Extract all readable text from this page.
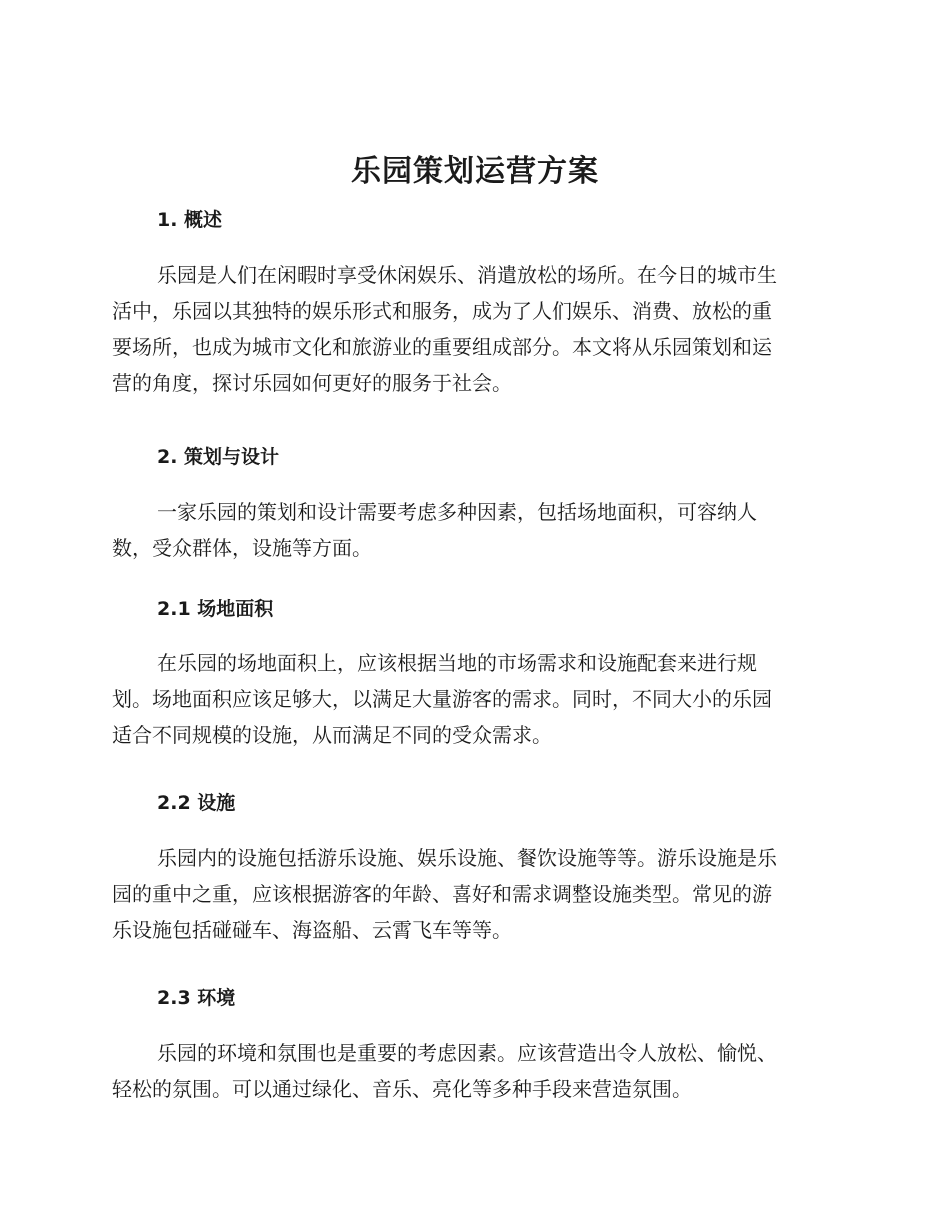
乐园策划运营方案
1. 概述
乐园是人们在闲暇时享受休闲娱乐、消遣放松的场所。在今日的城市生
活中，乐园以其独特的娱乐形式和服务，成为了人们娱乐、消费、放松的重
要场所，也成为城市文化和旅游业的重要组成部分。本文将从乐园策划和运
营的角度，探讨乐园如何更好的服务于社会。
2. 策划与设计
一家乐园的策划和设计需要考虑多种因素，包括场地面积，可容纳人
数，受众群体，设施等方面。
2.1 场地面积
在乐园的场地面积上，应该根据当地的市场需求和设施配套来进行规
划。场地面积应该足够大，以满足大量游客的需求。同时，不同大小的乐园
适合不同规模的设施，从而满足不同的受众需求。
2.2 设施
乐园内的设施包括游乐设施、娱乐设施、餐饮设施等等。游乐设施是乐
园的重中之重，应该根据游客的年龄、喜好和需求调整设施类型。常见的游
乐设施包括碰碰车、海盗船、云霄飞车等等。
2.3 环境
乐园的环境和氛围也是重要的考虑因素。应该营造出令人放松、愉悦、
轻松的氛围。可以通过绿化、音乐、亮化等多种手段来营造氛围。
